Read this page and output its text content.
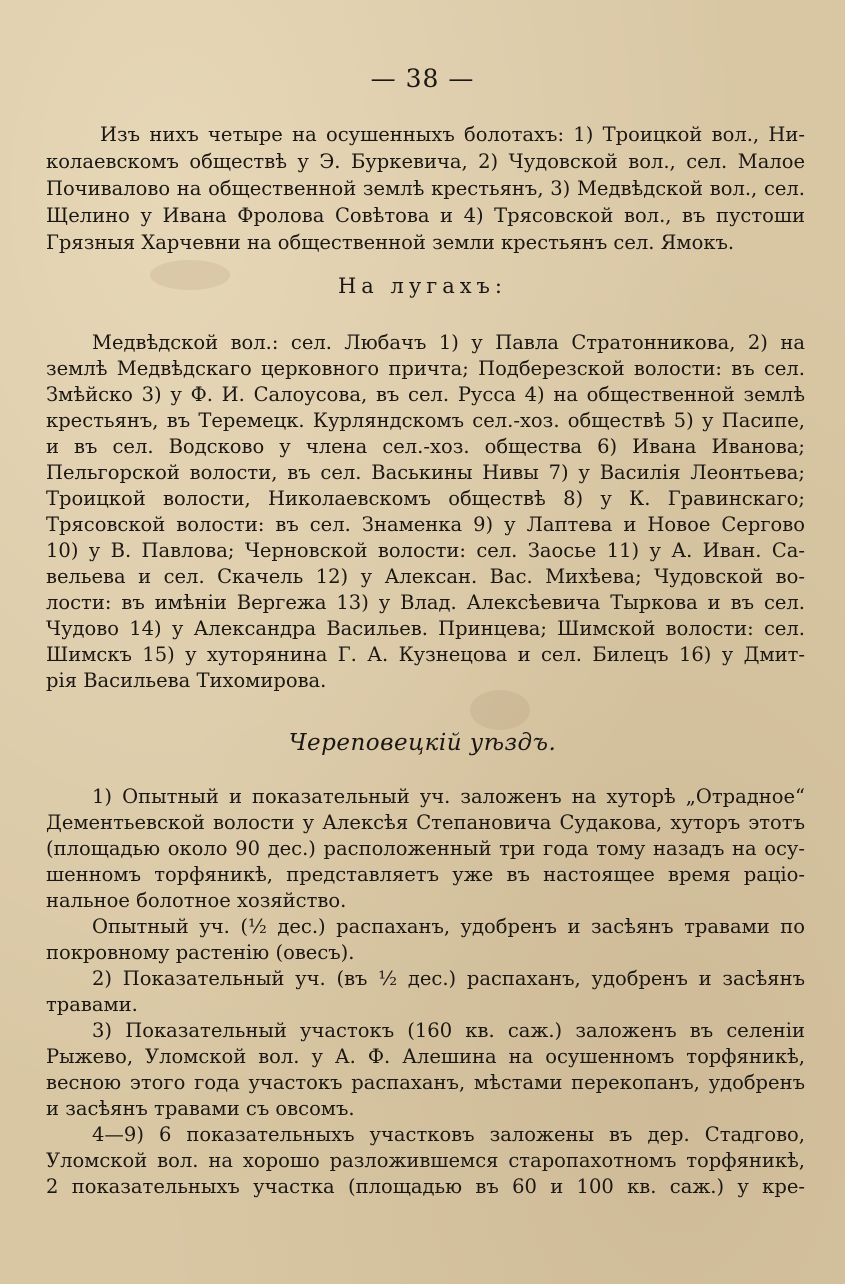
— 38 —
Изъ нихъ четыре на осушенныхъ болотахъ: 1) Троицкой вол., Ни-
колаевскомъ обществѣ у Э. Буркевича, 2) Чудовской вол., сел. Малое
Почивалово на общественной землѣ крестьянъ, 3) Медвѣдской вол., сел.
Щелино у Ивана Фролова Совѣтова и 4) Трясовской вол., въ пустоши
Грязныя Харчевни на общественной земли крестьянъ сел. Ямокъ.
На лугахъ:
Медвѣдской вол.: сел. Любачъ 1) у Павла Стратонникова, 2) на
землѣ Медвѣдскаго церковного причта; Подберезской волости: въ сел.
Змѣйско 3) у Ф. И. Салоусова, въ сел. Русса 4) на общественной землѣ
крестьянъ, въ Теремецк. Курляндскомъ сел.-хоз. обществѣ 5) у Пасипе,
и въ сел. Водсково у члена сел.-хоз. общества 6) Ивана Иванова;
Пельгорской волости, въ сел. Васькины Нивы 7) у Василія Леонтьева;
Троицкой волости, Николаевскомъ обществѣ 8) у К. Гравинскаго;
Трясовской волости: въ сел. Знаменка 9) у Лаптева и Новое Сергово
10) у В. Павлова; Черновской волости: сел. Заосье 11) у А. Иван. Са-
вельева и сел. Скачель 12) у Алексан. Вас. Михѣева; Чудовской во-
лости: въ имѣніи Вергежа 13) у Влад. Алексѣевича Тыркова и въ сел.
Чудово 14) у Александра Васильев. Принцева; Шимской волости: сел.
Шимскъ 15) у хуторянина Г. А. Кузнецова и сел. Билецъ 16) у Дмит-
рія Васильева Тихомирова.
Череповецкій уѣздъ.
1) Опытный и показательный уч. заложенъ на хуторѣ „Отрадное“
Дементьевской волости у Алексѣя Степановича Судакова, хуторъ этотъ
(площадью около 90 дес.) расположенный три года тому назадъ на осу-
шенномъ торфяникѣ, представляетъ уже въ настоящее время раціо-
нальное болотное хозяйство.
Опытный уч. (½ дес.) распаханъ, удобренъ и засѣянъ травами по
покровному растенію (овесъ).
2) Показательный уч. (въ ½ дес.) распаханъ, удобренъ и засѣянъ
травами.
3) Показательный участокъ (160 кв. саж.) заложенъ въ селеніи
Рыжево, Уломской вол. у А. Ф. Алешина на осушенномъ торфяникѣ,
весною этого года участокъ распаханъ, мѣстами перекопанъ, удобренъ
и засѣянъ травами съ овсомъ.
4—9) 6 показательныхъ участковъ заложены въ дер. Стадгово,
Уломской вол. на хорошо разложившемся старопахотномъ торфяникѣ,
2 показательныхъ участка (площадью въ 60 и 100 кв. саж.) у кре-
